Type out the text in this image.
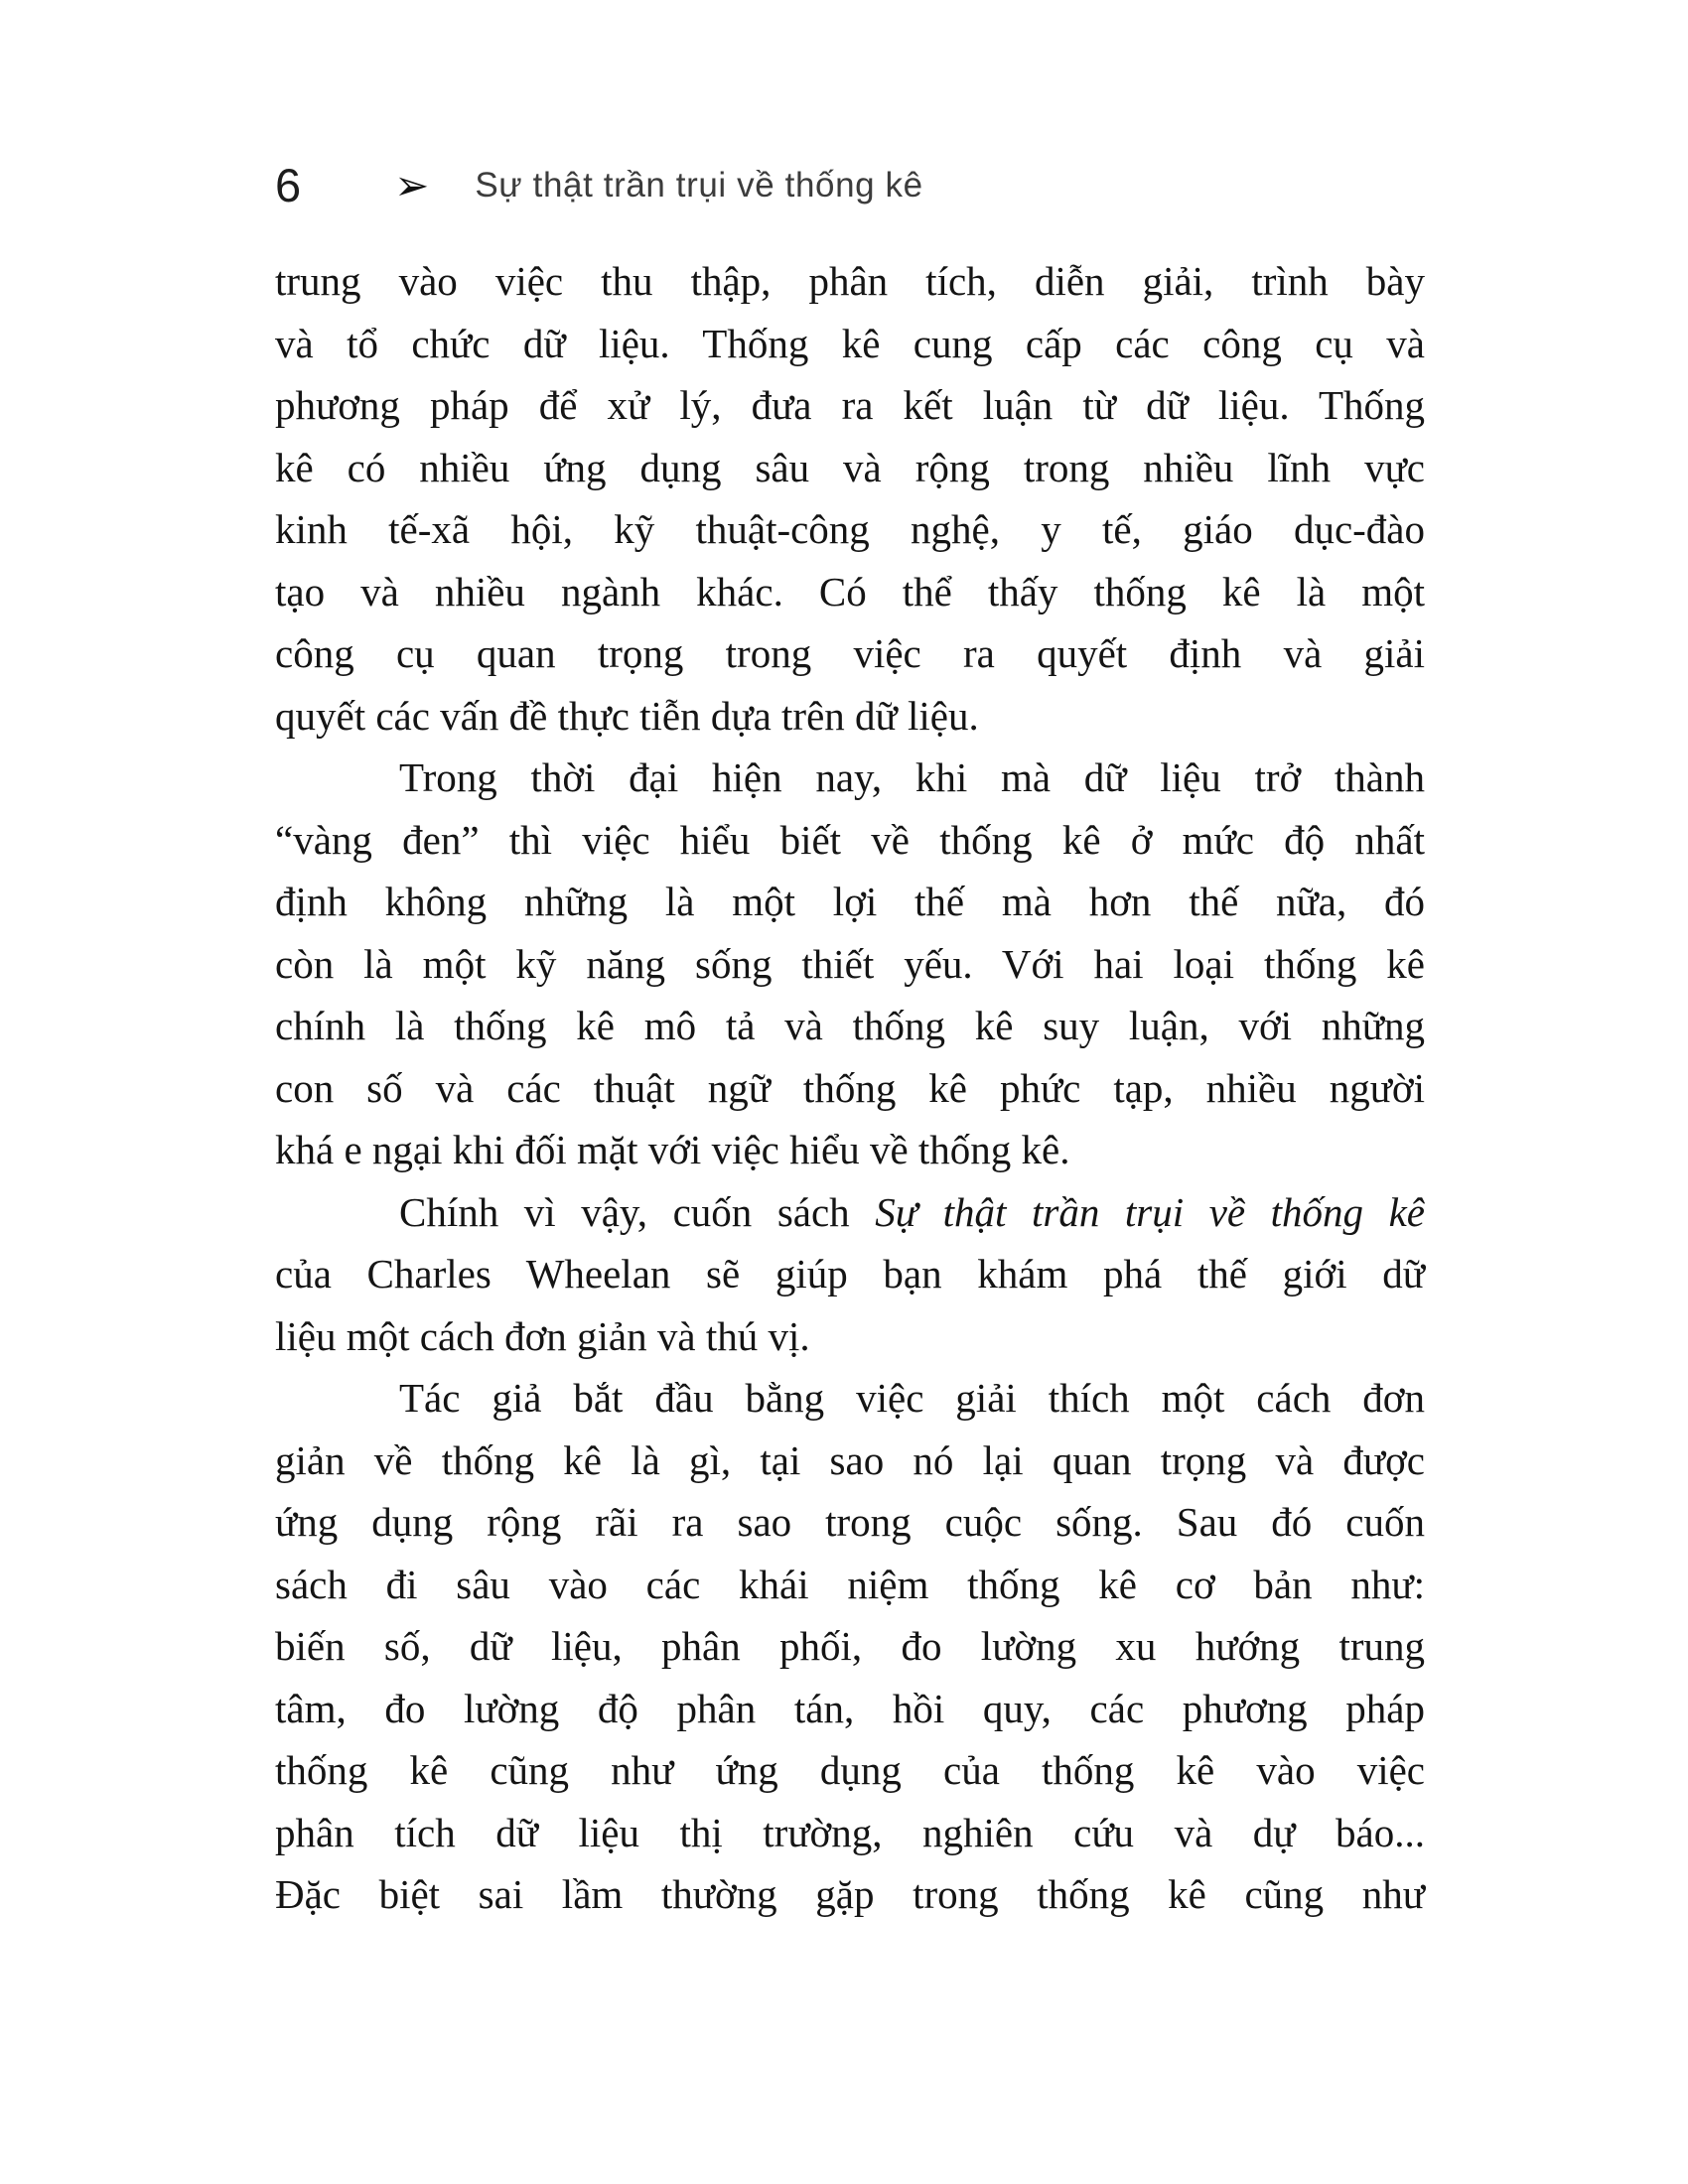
6 ➢ Sự thật trần trụi về thống kê
trung vào việc thu thập, phân tích, diễn giải, trình bày
và tổ chức dữ liệu. Thống kê cung cấp các công cụ và
phương pháp để xử lý, đưa ra kết luận từ dữ liệu. Thống
kê có nhiều ứng dụng sâu và rộng trong nhiều lĩnh vực
kinh tế-xã hội, kỹ thuật-công nghệ, y tế, giáo dục-đào
tạo và nhiều ngành khác. Có thể thấy thống kê là một
công cụ quan trọng trong việc ra quyết định và giải
quyết các vấn đề thực tiễn dựa trên dữ liệu.
Trong thời đại hiện nay, khi mà dữ liệu trở thành
“vàng đen” thì việc hiểu biết về thống kê ở mức độ nhất
định không những là một lợi thế mà hơn thế nữa, đó
còn là một kỹ năng sống thiết yếu. Với hai loại thống kê
chính là thống kê mô tả và thống kê suy luận, với những
con số và các thuật ngữ thống kê phức tạp, nhiều người
khá e ngại khi đối mặt với việc hiểu về thống kê.
Chính vì vậy, cuốn sách Sự thật trần trụi về thống kê
của Charles Wheelan sẽ giúp bạn khám phá thế giới dữ
liệu một cách đơn giản và thú vị.
Tác giả bắt đầu bằng việc giải thích một cách đơn
giản về thống kê là gì, tại sao nó lại quan trọng và được
ứng dụng rộng rãi ra sao trong cuộc sống. Sau đó cuốn
sách đi sâu vào các khái niệm thống kê cơ bản như:
biến số, dữ liệu, phân phối, đo lường xu hướng trung
tâm, đo lường độ phân tán, hồi quy, các phương pháp
thống kê cũng như ứng dụng của thống kê vào việc
phân tích dữ liệu thị trường, nghiên cứu và dự báo...
Đặc biệt sai lầm thường gặp trong thống kê cũng như
